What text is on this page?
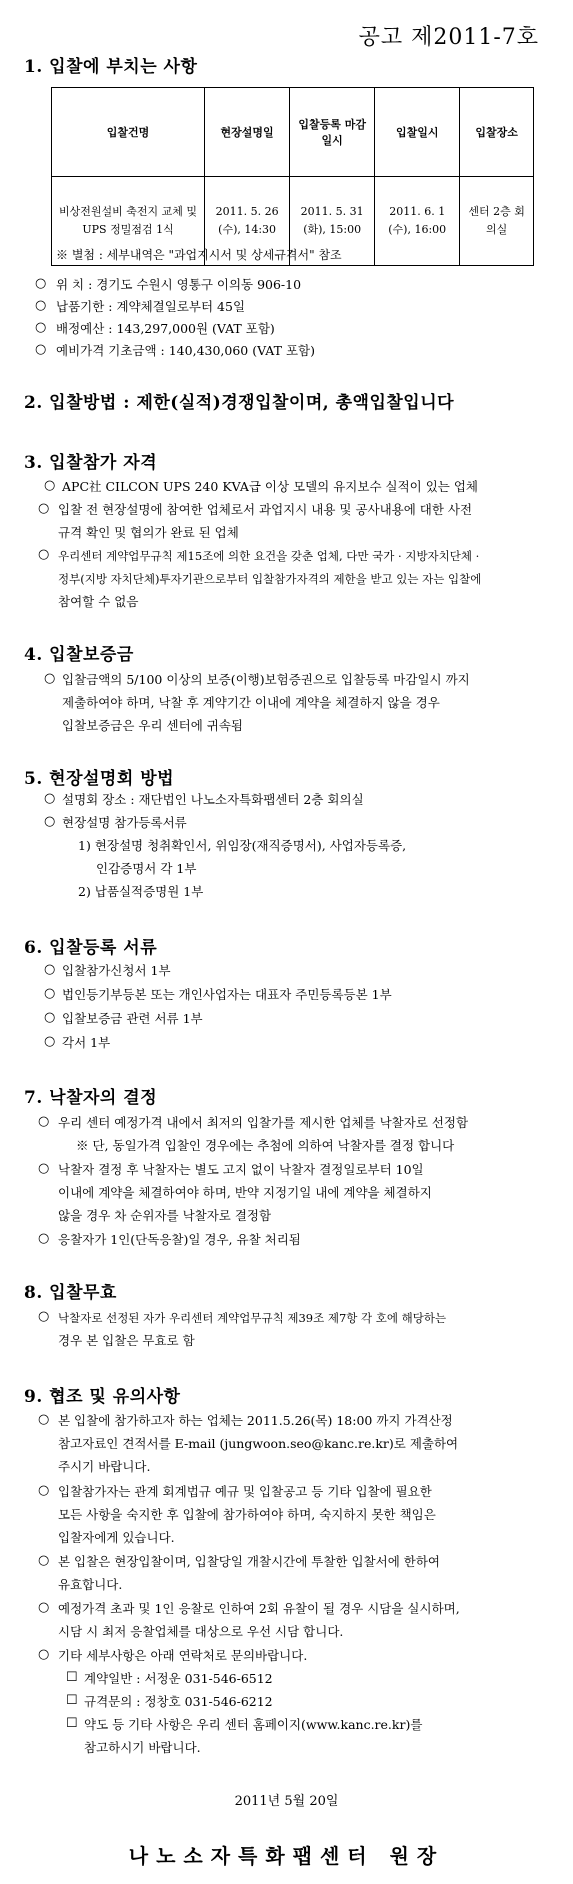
공고 제2011-7호
1. 입찰에 부치는 사항
입찰건명	현장설명일	입찰등록 마감일시	입찰일시	입찰장소
비상전원설비 축전지 교체 및 UPS 정밀점검 1식	2011. 5. 26 (수), 14:30	2011. 5. 31 (화), 15:00	2011. 6. 1 (수), 16:00	센터 2층 회의실
※ 별첨 : 세부내역은 "과업지시서 및 상세규격서" 참조
○ 위 치 : 경기도 수원시 영통구 이의동 906-10
○ 납품기한 : 계약체결일로부터 45일
○ 배정예산 : 143,297,000원 (VAT 포함)
○ 예비가격 기초금액 : 140,430,060 (VAT 포함)
2. 입찰방법 : 제한(실적)경쟁입찰이며, 총액입찰입니다
3. 입찰참가 자격
○ APC社 CILCON UPS 240 KVA급 이상 모델의 유지보수 실적이 있는 업체
○ 입찰 전 현장설명에 참여한 업체로서 과업지시 내용 및 공사내용에 대한 사전
규격 확인 및 협의가 완료 된 업체
○ 우리센터 계약업무규칙 제15조에 의한 요건을 갖춘 업체, 다만 국가 · 지방자치단체 ·
정부(지방 자치단체)투자기관으로부터 입찰참가자격의 제한을 받고 있는 자는 입찰에
참여할 수 없음
4. 입찰보증금
○ 입찰금액의 5/100 이상의 보증(이행)보험증권으로 입찰등록 마감일시 까지
제출하여야 하며, 낙찰 후 계약기간 이내에 계약을 체결하지 않을 경우
입찰보증금은 우리 센터에 귀속됨
5. 현장설명회 방법
○ 설명회 장소 : 재단법인 나노소자특화팹센터 2층 회의실
○ 현장설명 참가등록서류
1) 현장설명 청취확인서, 위임장(재직증명서), 사업자등록증,
인감증명서 각 1부
2) 납품실적증명원 1부
6. 입찰등록 서류
○ 입찰참가신청서 1부
○ 법인등기부등본 또는 개인사업자는 대표자 주민등록등본 1부
○ 입찰보증금 관련 서류 1부
○ 각서 1부
7. 낙찰자의 결정
○ 우리 센터 예정가격 내에서 최저의 입찰가를 제시한 업체를 낙찰자로 선정함
※ 단, 동일가격 입찰인 경우에는 추첨에 의하여 낙찰자를 결정 합니다
○ 낙찰자 결정 후 낙찰자는 별도 고지 없이 낙찰자 결정일로부터 10일
이내에 계약을 체결하여야 하며, 반약 지정기일 내에 계약을 체결하지
않을 경우 차 순위자를 낙찰자로 결정함
○ 응찰자가 1인(단독응찰)일 경우, 유찰 처리됨
8. 입찰무효
○ 낙찰자로 선정된 자가 우리센터 계약업무규칙 제39조 제7항 각 호에 해당하는
경우 본 입찰은 무효로 함
9. 협조 및 유의사항
○ 본 입찰에 참가하고자 하는 업체는 2011.5.26(목) 18:00 까지 가격산정
참고자료인 견적서를 E-mail (jungwoon.seo@kanc.re.kr)로 제출하여
주시기 바랍니다.
○ 입찰참가자는 관계 회계법규 예규 및 입찰공고 등 기타 입찰에 필요한
모든 사항을 숙지한 후 입찰에 참가하여야 하며, 숙지하지 못한 책임은
입찰자에게 있습니다.
○ 본 입찰은 현장입찰이며, 입찰당일 개찰시간에 투찰한 입찰서에 한하여
유효합니다.
○ 예정가격 초과 및 1인 응찰로 인하여 2회 유찰이 될 경우 시담을 실시하며,
시담 시 최저 응찰업체를 대상으로 우선 시담 합니다.
○ 기타 세부사항은 아래 연락처로 문의바랍니다.
☐ 계약일반 : 서정운 031-546-6512
☐ 규격문의 : 정창호 031-546-6212
☐ 약도 등 기타 사항은 우리 센터 홈페이지(www.kanc.re.kr)를
참고하시기 바랍니다.
2011년 5월 20일
나노소자특화팹센터 원장
